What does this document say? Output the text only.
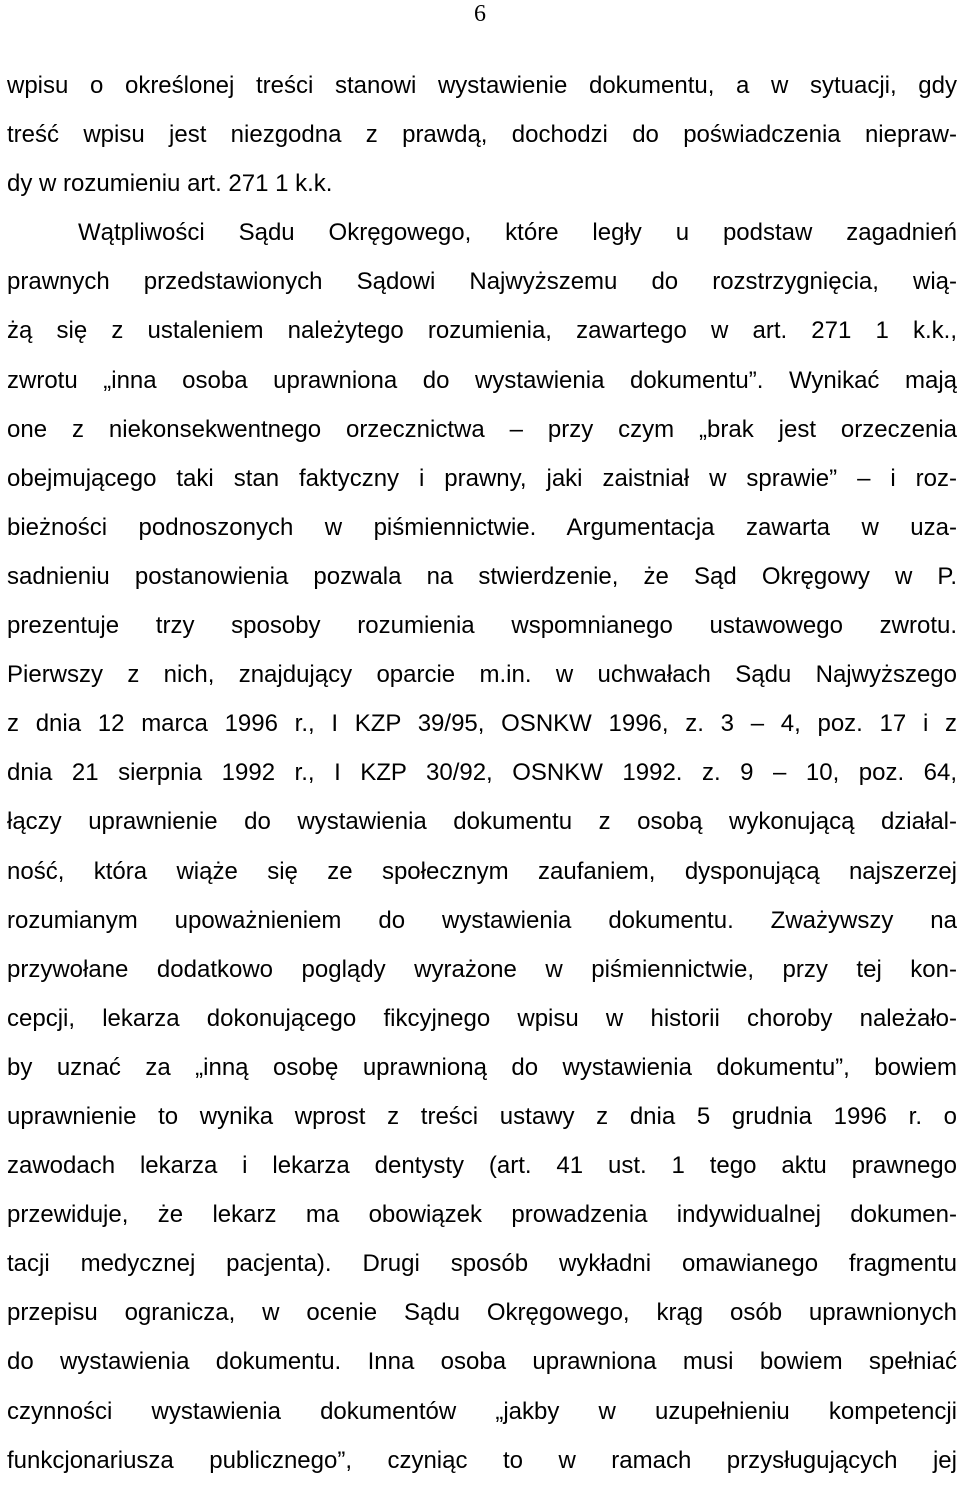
6
wpisu o określonej treści stanowi wystawienie dokumentu, a w sytuacji, gdy
treść wpisu jest niezgodna z prawdą, dochodzi do poświadczenia niepraw-
dy w rozumieniu art. 271 1 k.k.
Wątpliwości Sądu Okręgowego, które legły u podstaw zagadnień
prawnych przedstawionych Sądowi Najwyższemu do rozstrzygnięcia, wią-
żą się z ustaleniem należytego rozumienia, zawartego w art. 271 1 k.k.,
zwrotu „inna osoba uprawniona do wystawienia dokumentu”. Wynikać mają
one z niekonsekwentnego orzecznictwa – przy czym „brak jest orzeczenia
obejmującego taki stan faktyczny i prawny, jaki zaistniał w sprawie” – i roz-
bieżności podnoszonych w piśmiennictwie. Argumentacja zawarta w uza-
sadnieniu postanowienia pozwala na stwierdzenie, że Sąd Okręgowy w P.
prezentuje trzy sposoby rozumienia wspomnianego ustawowego zwrotu.
Pierwszy z nich, znajdujący oparcie m.in. w uchwałach Sądu Najwyższego
z dnia 12 marca 1996 r., I KZP 39/95, OSNKW 1996, z. 3 – 4, poz. 17 i z
dnia 21 sierpnia 1992 r., I KZP 30/92, OSNKW 1992. z. 9 – 10, poz. 64,
łączy uprawnienie do wystawienia dokumentu z osobą wykonującą działal-
ność, która wiąże się ze społecznym zaufaniem, dysponującą najszerzej
rozumianym upoważnieniem do wystawienia dokumentu. Zważywszy na
przywołane dodatkowo poglądy wyrażone w piśmiennictwie, przy tej kon-
cepcji, lekarza dokonującego fikcyjnego wpisu w historii choroby należało-
by uznać za „inną osobę uprawnioną do wystawienia dokumentu”, bowiem
uprawnienie to wynika wprost z treści ustawy z dnia 5 grudnia 1996 r. o
zawodach lekarza i lekarza dentysty (art. 41 ust. 1 tego aktu prawnego
przewiduje, że lekarz ma obowiązek prowadzenia indywidualnej dokumen-
tacji medycznej pacjenta). Drugi sposób wykładni omawianego fragmentu
przepisu ogranicza, w ocenie Sądu Okręgowego, krąg osób uprawnionych
do wystawienia dokumentu. Inna osoba uprawniona musi bowiem spełniać
czynności wystawienia dokumentów „jakby w uzupełnieniu kompetencji
funkcjonariusza publicznego”, czyniąc to w ramach przysługujących jej
